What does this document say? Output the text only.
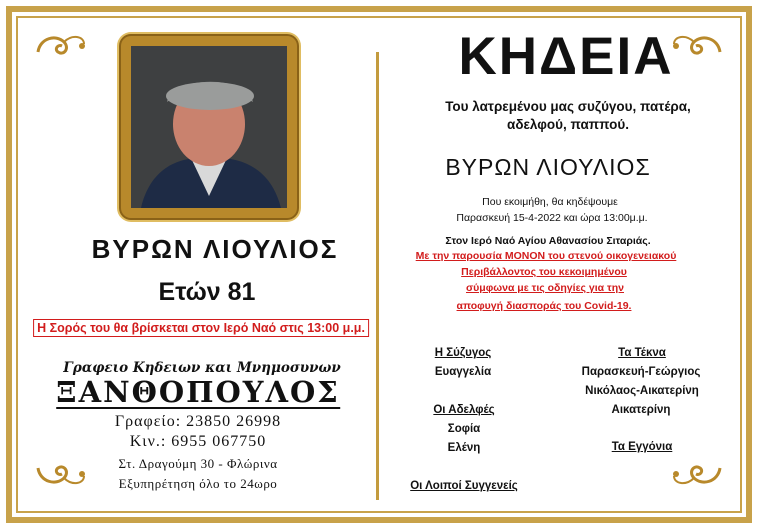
ΒΥΡΩΝ ΛΙΟΥΛΙΟΣ
Ετών 81
Η Σορός του θα βρίσκεται στον Ιερό Ναό στις 13:00 μ.μ.
Γραφειο Κηδειων και Μνημοσυνων
ΞΑΝΘΟΠΟΥΛΟΣ
Γραφείο: 23850 26998
Κιν.: 6955 067750
Στ. Δραγούμη 30 - Φλώρινα
Εξυπηρέτηση όλο το 24ωρο
ΚΗΔΕΙΑ
Του λατρεμένου μας συζύγου, πατέρα,
αδελφού, παππού.
ΒΥΡΩΝ ΛΙΟΥΛΙΟΣ
Που εκοιμήθη, θα κηδέψουμε
Παρασκευή 15-4-2022 και ώρα 13:00μ.μ.
Στον Ιερό Ναό Αγίου Αθανασίου Σιταριάς.
Με την παρουσία ΜΟΝΟΝ του στενού οικογενειακού
Περιβάλλοντος του κεκοιμημένου
σύμφωνα με τις οδηγίες για την
αποφυγή διασποράς του Covid-19.
Η Σύζυγος
Ευαγγελία
Τα Τέκνα
Παρασκευή-Γεώργιος
Νικόλαος-Αικατερίνη
Αικατερίνη
Οι Αδελφές
Σοφία
Ελένη	Τα Εγγόνια
Οι Λοιποί Συγγενείς
